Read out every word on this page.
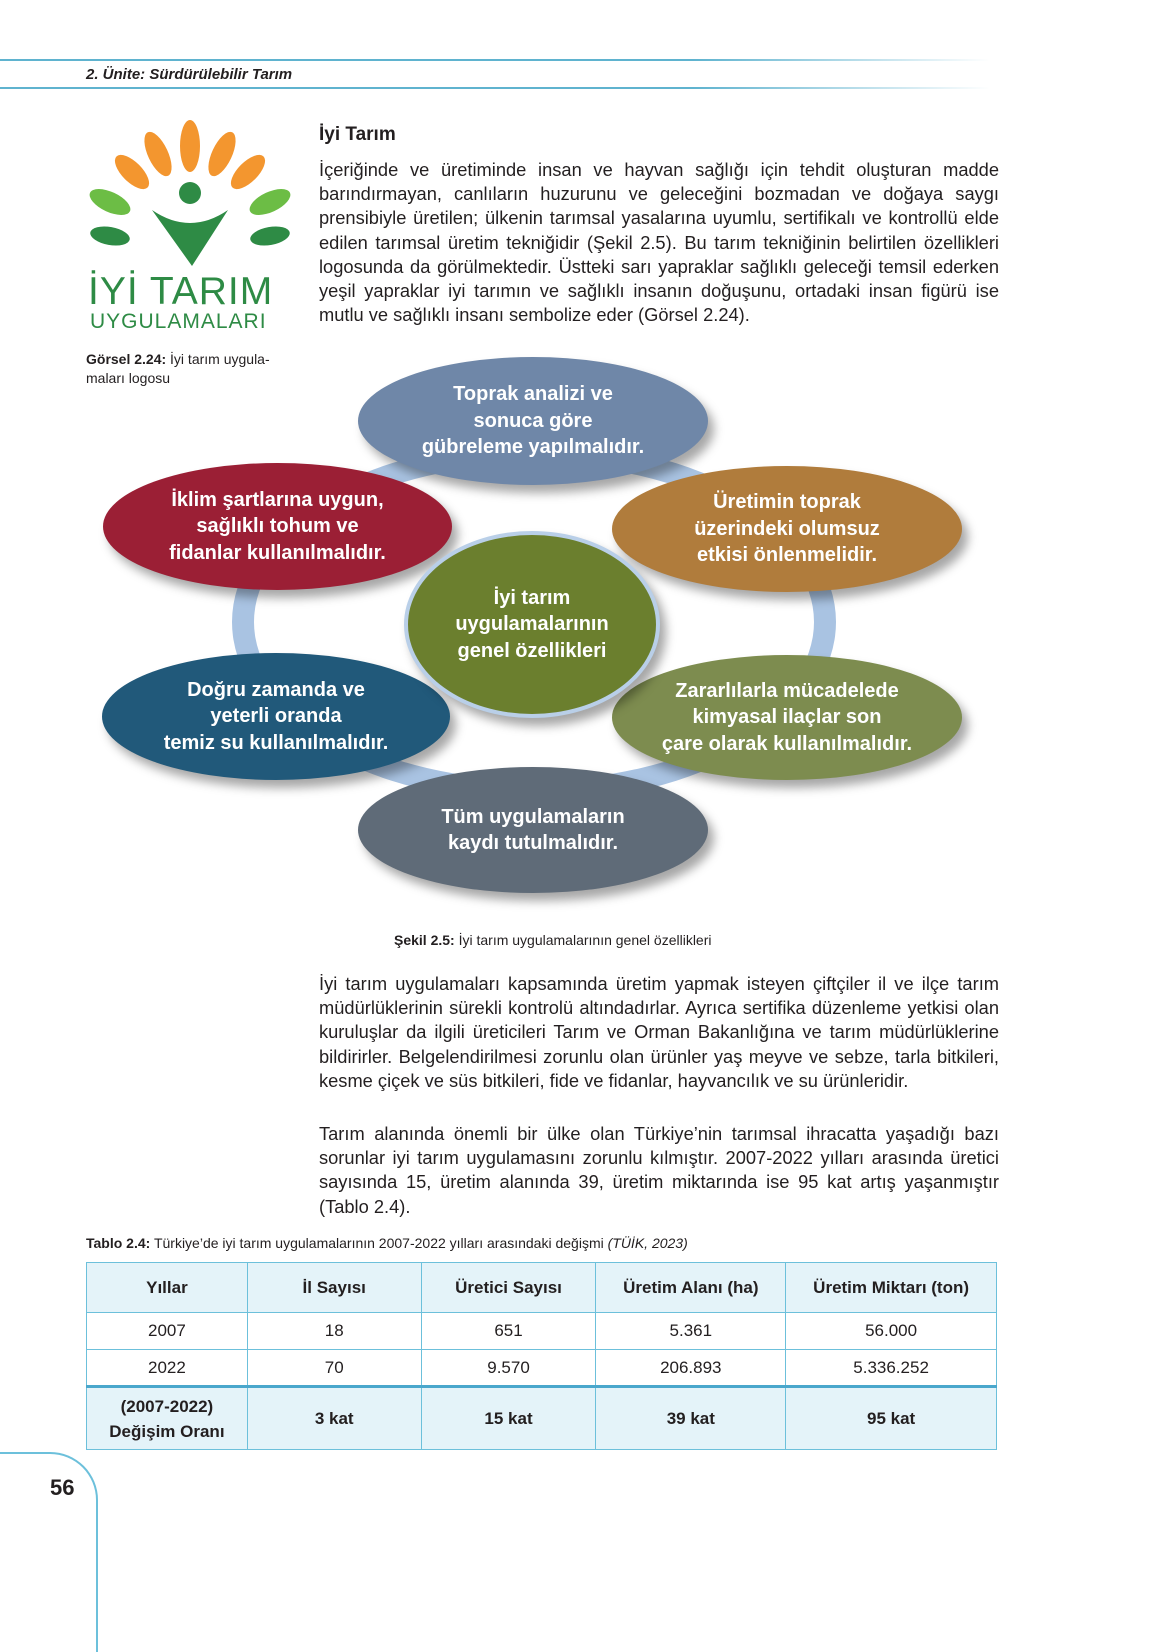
2. Ünite: Sürdürülebilir Tarım
İYİ TARIM
UYGULAMALARI
Görsel 2.24: İyi tarım uygula-
maları logosu
İyi Tarım
İçeriğinde ve üretiminde insan ve hayvan sağlığı için tehdit oluşturan madde barındırmayan, canlıların huzurunu ve geleceğini bozmadan ve doğaya saygı prensibiyle üretilen; ülkenin tarımsal yasalarına uyumlu, sertifikalı ve kontrollü elde edilen tarımsal üretim tekniğidir (Şekil 2.5). Bu tarım tekniğinin belirtilen özellikleri logosunda da görülmektedir. Üstteki sarı yapraklar sağlıklı geleceği temsil ederken yeşil yapraklar iyi tarımın ve sağlıklı insanın doğuşunu, ortadaki insan figürü ise mutlu ve sağlıklı insanı sembolize eder (Görsel 2.24).
Toprak analizi ve
sonuca göre
gübreleme yapılmalıdır.
Üretimin toprak
üzerindeki olumsuz
etkisi önlenmelidir.
Zararlılarla mücadelede
kimyasal ilaçlar son
çare olarak kullanılmalıdır.
Tüm uygulamaların
kaydı tutulmalıdır.
Doğru zamanda ve
yeterli oranda
temiz su kullanılmalıdır.
İklim şartlarına uygun,
sağlıklı tohum ve
fidanlar kullanılmalıdır.
İyi tarım
uygulamalarının
genel özellikleri
Şekil 2.5: İyi tarım uygulamalarının genel özellikleri
İyi tarım uygulamaları kapsamında üretim yapmak isteyen çiftçiler il ve ilçe tarım müdürlüklerinin sürekli kontrolü altındadırlar. Ayrıca sertifika düzenleme yetkisi olan kuruluşlar da ilgili üreticileri Tarım ve Orman Bakanlığına ve tarım müdürlüklerine bildirirler. Belgelendirilmesi zorunlu olan ürünler yaş meyve ve sebze, tarla bitkileri, kesme çiçek ve süs bitkileri, fide ve fidanlar, hayvancılık ve su ürünleridir.
Tarım alanında önemli bir ülke olan Türkiye’nin tarımsal ihracatta yaşadığı bazı sorunlar iyi tarım uygulamasını zorunlu kılmıştır. 2007-2022 yılları arasında üretici sayısında 15, üretim alanında 39, üretim miktarında ise 95 kat artış yaşanmıştır (Tablo 2.4).
Tablo 2.4: Türkiye’de iyi tarım uygulamalarının 2007-2022 yılları arasındaki değişmi (TÜİK, 2023)
Yıllar	İl Sayısı	Üretici Sayısı	Üretim Alanı (ha)	Üretim Miktarı (ton)
2007	18	651	5.361	56.000
2022	70	9.570	206.893	5.336.252

(2007-2022)
Değişim Oranı	3 kat	15 kat	39 kat	95 kat
56
